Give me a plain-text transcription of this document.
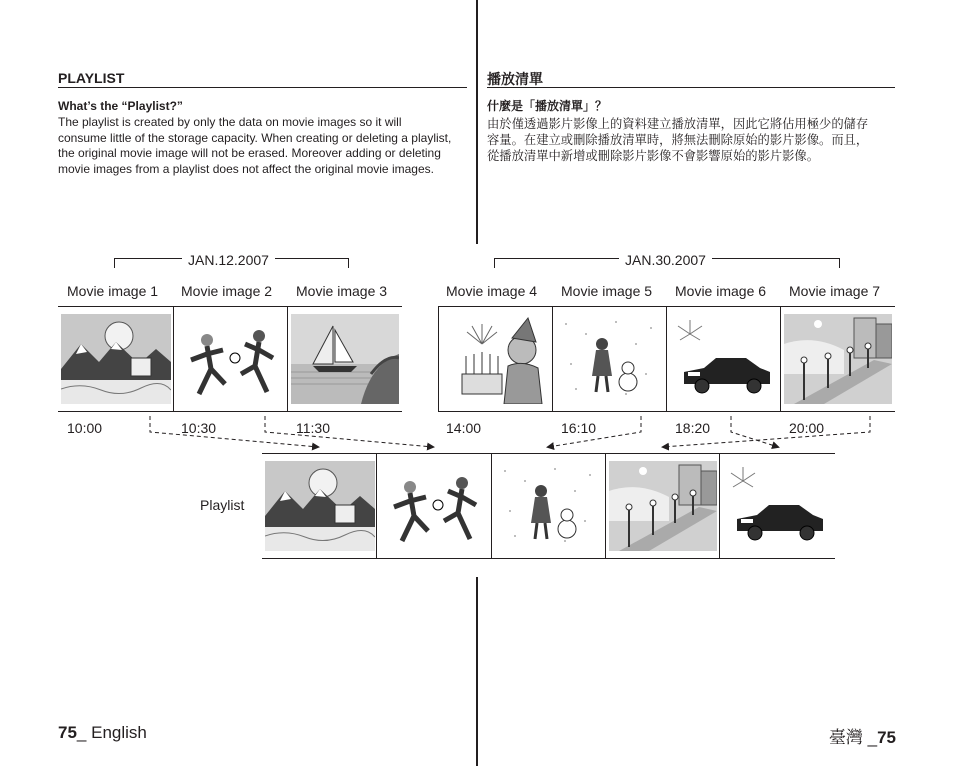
PLAYLIST
What’s the “Playlist?”
The playlist is created by only the data on movie images so it will
consume little of the storage capacity. When creating or deleting a playlist,
the original movie image will not be erased. Moreover adding or deleting
movie images from a playlist does not affect the original movie images.
播放清單
什麼是「播放清單」？
由於僅透過影片影像上的資料建立播放清單，因此它將佔用極少的儲存
容量。在建立或刪除播放清單時，將無法刪除原始的影片影像。而且，
從播放清單中新增或刪除影片影像不會影響原始的影片影像。
JAN.12.2007	JAN.30.2007
Movie image 1 Movie image 2 Movie image 3	Movie image 4 Movie image 5 Movie image 6 Movie image 7
10:00	10:30	11:30	14:00	16:10	18:20	20:00
Playlist
75_ English	臺灣 _75
